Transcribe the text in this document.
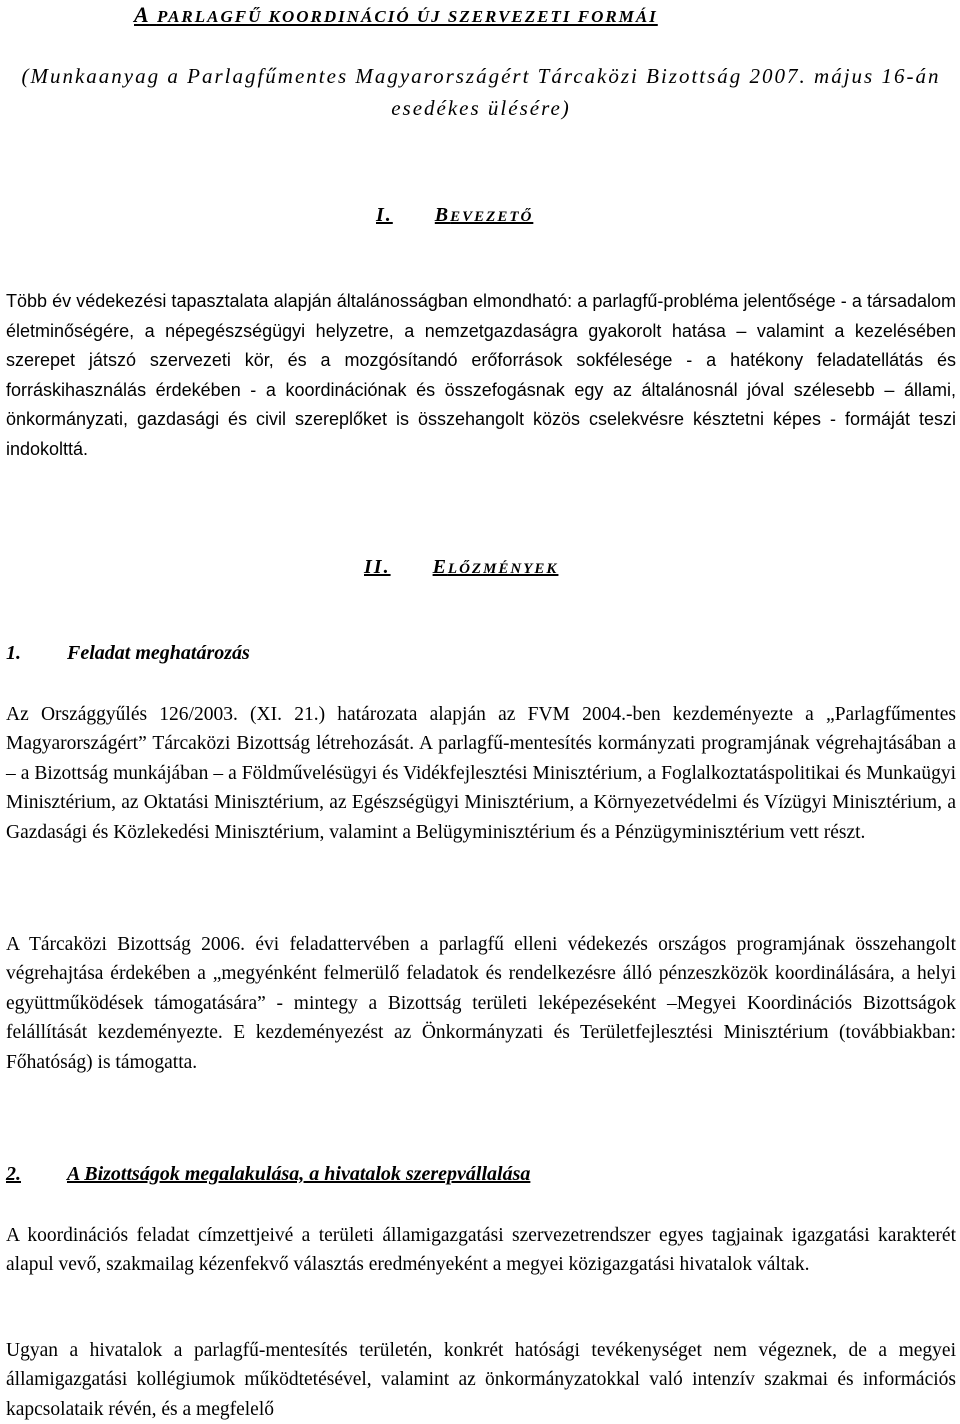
A PARLAGFŰ KOORDINÁCIÓ ÚJ SZERVEZETI FORMÁI

(Munkaanyag a Parlagfűmentes Magyarországért Tárcaközi Bizottság 2007. május 16-án esedékes ülésére)

I. BEVEZETŐ

Több év védekezési tapasztalata alapján általánosságban elmondható: a parlagfű-probléma jelentősége - a társadalom életminőségére, a népegészségügyi helyzetre, a nemzetgazdaságra gyakorolt hatása – valamint a kezelésében szerepet játszó szervezeti kör, és a mozgósítandó erőforrások sokfélesége - a hatékony feladatellátás és forráskihasználás érdekében - a koordinációnak és összefogásnak egy az általánosnál jóval szélesebb – állami, önkormányzati, gazdasági és civil szereplőket is összehangolt közös cselekvésre késztetni képes - formáját teszi indokolttá.

II. ELŐZMÉNYEK
1. Feladat meghatározás

Az Országgyűlés 126/2003. (XI. 21.) határozata alapján az FVM 2004.-ben kezdeményezte a „Parlagfűmentes Magyarországért” Tárcaközi Bizottság létrehozását. A parlagfű-mentesítés kormányzati programjának végrehajtásában a – a Bizottság munkájában – a Földművelésügyi és Vidékfejlesztési Minisztérium, a Foglalkoztatáspolitikai és Munkaügyi Minisztérium, az Oktatási Minisztérium, az Egészségügyi Minisztérium, a Környezetvédelmi és Vízügyi Minisztérium, a Gazdasági és Közlekedési Minisztérium, valamint a Belügyminisztérium és a Pénzügyminisztérium vett részt.

A Tárcaközi Bizottság 2006. évi feladattervében a parlagfű elleni védekezés országos programjának összehangolt végrehajtása érdekében a „megyénként felmerülő feladatok és rendelkezésre álló pénzeszközök koordinálására, a helyi együttműködések támogatására” - mintegy a Bizottság területi leképezéseként –Megyei Koordinációs Bizottságok felállítását kezdeményezte. E kezdeményezést az Önkormányzati és Területfejlesztési Minisztérium (továbbiakban: Főhatóság) is támogatta.

2. A Bizottságok megalakulása, a hivatalok szerepvállalása

A koordinációs feladat címzettjeivé a területi államigazgatási szervezetrendszer egyes tagjainak igazgatási karakterét alapul vevő, szakmailag kézenfekvő választás eredményeként a megyei közigazgatási hivatalok váltak.

Ugyan a hivatalok a parlagfű-mentesítés területén, konkrét hatósági tevékenységet nem végeznek, de a megyei államigazgatási kollégiumok működtetésével, valamint az önkormányzatokkal való intenzív szakmai és információs kapcsolataik révén, és a megfelelő
